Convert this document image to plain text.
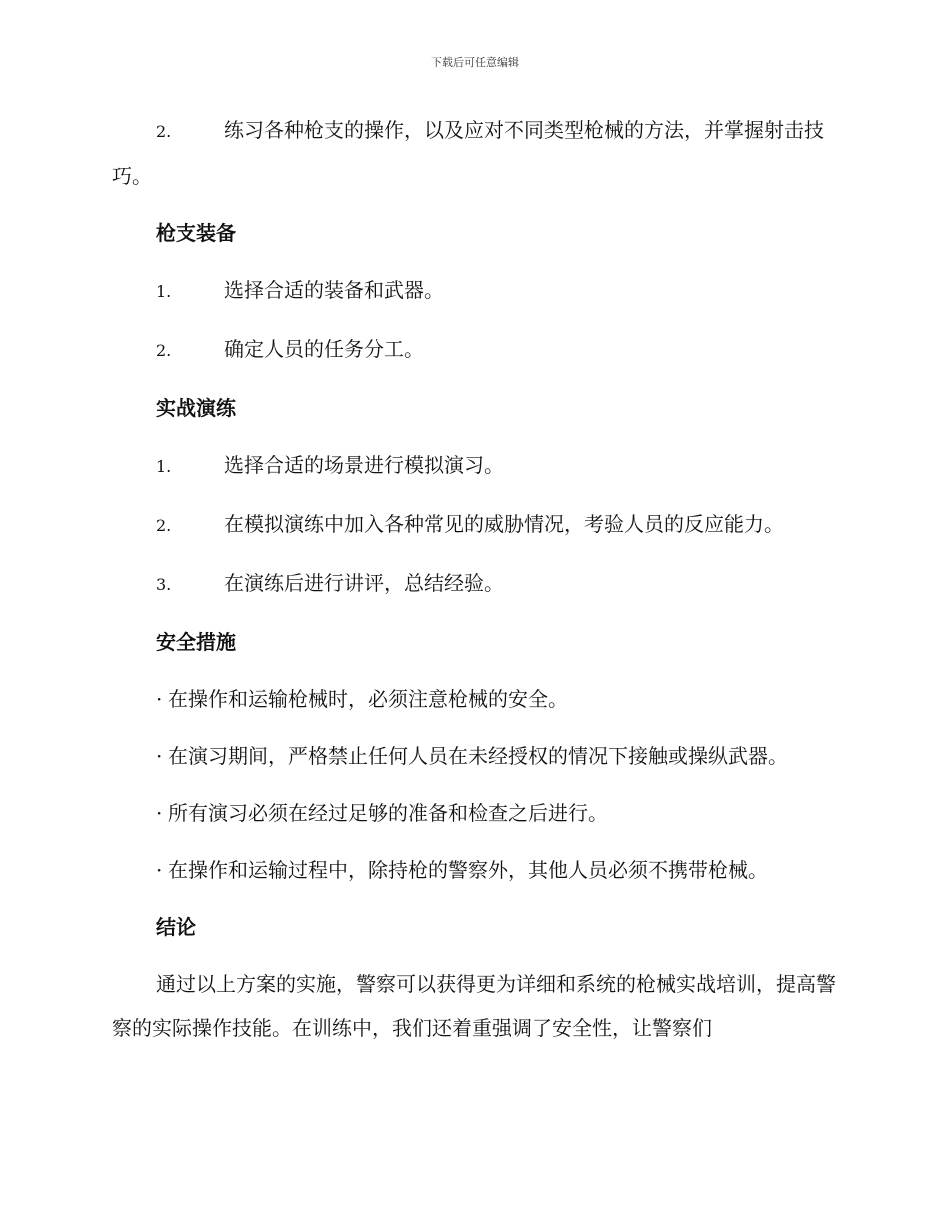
下载后可任意编辑
2.	练习各种枪支的操作，以及应对不同类型枪械的方法，并掌握射击技巧。
枪支装备
1.	选择合适的装备和武器。
2.	确定人员的任务分工。
实战演练
1.	选择合适的场景进行模拟演习。
2.	在模拟演练中加入各种常见的威胁情况，考验人员的反应能力。
3.	在演练后进行讲评，总结经验。
安全措施
· 在操作和运输枪械时，必须注意枪械的安全。
· 在演习期间，严格禁止任何人员在未经授权的情况下接触或操纵武器。
· 所有演习必须在经过足够的准备和检查之后进行。
· 在操作和运输过程中，除持枪的警察外，其他人员必须不携带枪械。
结论
通过以上方案的实施，警察可以获得更为详细和系统的枪械实战培训，提高警察的实际操作技能。在训练中，我们还着重强调了安全性，让警察们
